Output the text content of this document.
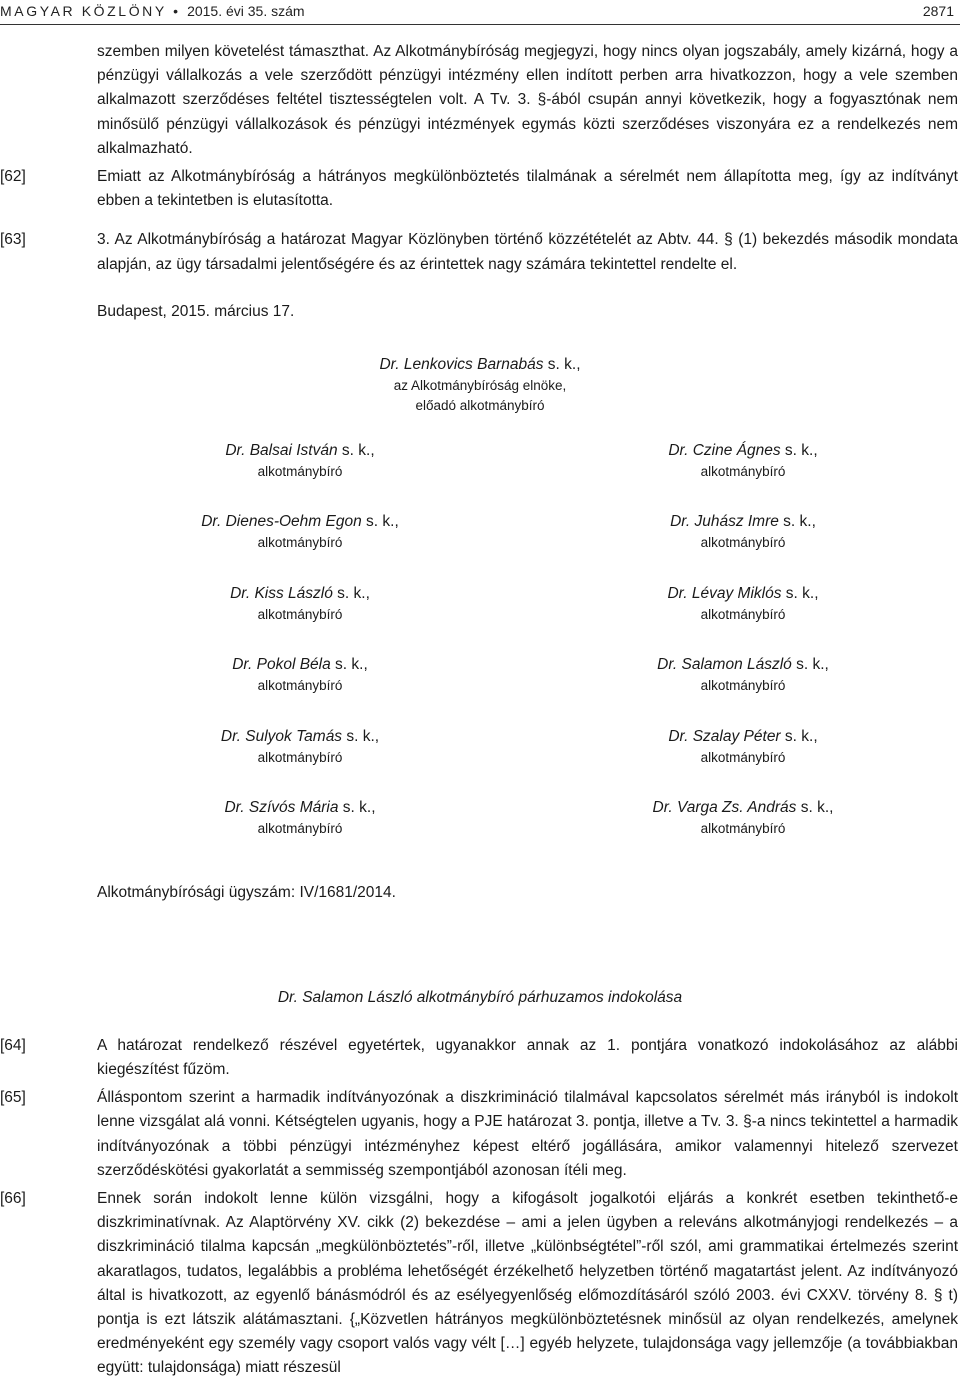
MAGYAR KÖZLÖNY • 2015. évi 35. szám	2871

szemben milyen követelést támaszthat. Az Alkotmánybíróság megjegyzi, hogy nincs olyan jogszabály, amely kizárná, hogy a pénzügyi vállalkozás a vele szerződött pénzügyi intézmény ellen indított perben arra hivatkozzon, hogy a vele szemben alkalmazott szerződéses feltétel tisztességtelen volt. A Tv. 3. §-ából csupán annyi következik, hogy a fogyasztónak nem minősülő pénzügyi vállalkozások és pénzügyi intézmények egymás közti szerződéses viszonyára ez a rendelkezés nem alkalmazható.

[62]	Emiatt az Alkotmánybíróság a hátrányos megkülönböztetés tilalmának a sérelmét nem állapította meg, így az indítványt ebben a tekintetben is elutasította.

[63]	3. Az Alkotmánybíróság a határozat Magyar Közlönyben történő közzétételét az Abtv. 44. § (1) bekezdés második mondata alapján, az ügy társadalmi jelentőségére és az érintettek nagy számára tekintettel rendelte el.

Budapest, 2015. március 17.
Dr. Lenkovics Barnabás s. k.,
az Alkotmánybíróság elnöke,
előadó alkotmánybíró
Dr. Balsai István s. k.,
alkotmánybíró
Dr. Czine Ágnes s. k.,
alkotmánybíró
Dr. Dienes-Oehm Egon s. k.,
alkotmánybíró
Dr. Juhász Imre s. k.,
alkotmánybíró
Dr. Kiss László s. k.,
alkotmánybíró
Dr. Lévay Miklós s. k.,
alkotmánybíró
Dr. Pokol Béla s. k.,
alkotmánybíró
Dr. Salamon László s. k.,
alkotmánybíró
Dr. Sulyok Tamás s. k.,
alkotmánybíró
Dr. Szalay Péter s. k.,
alkotmánybíró
Dr. Szívós Mária s. k.,
alkotmánybíró
Dr. Varga Zs. András s. k.,
alkotmánybíró
Alkotmánybírósági ügyszám: IV/1681/2014.
Dr. Salamon László alkotmánybíró párhuzamos indokolása

[64]	A határozat rendelkező részével egyetértek, ugyanakkor annak az 1. pontjára vonatkozó indokolásához az alábbi kiegészítést fűzöm.

[65]	Álláspontom szerint a harmadik indítványozónak a diszkrimináció tilalmával kapcsolatos sérelmét más irányból is indokolt lenne vizsgálat alá vonni. Kétségtelen ugyanis, hogy a PJE határozat 3. pontja, illetve a Tv. 3. §-a nincs tekintettel a harmadik indítványozónak a többi pénzügyi intézményhez képest eltérő jogállására, amikor valamennyi hitelező szervezet szerződéskötési gyakorlatát a semmisség szempontjából azonosan ítéli meg.

[66]	Ennek során indokolt lenne külön vizsgálni, hogy a kifogásolt jogalkotói eljárás a konkrét esetben tekinthető-e diszkriminatívnak. Az Alaptörvény XV. cikk (2) bekezdése – ami a jelen ügyben a releváns alkotmányjogi rendelkezés – a diszkrimináció tilalma kapcsán „megkülönböztetés”-ről, illetve „különbségtétel”-ről szól, ami grammatikai értelmezés szerint akaratlagos, tudatos, legalábbis a probléma lehetőségét érzékelhető helyzetben történő magatartást jelent. Az indítványozó által is hivatkozott, az egyenlő bánásmódról és az esélyegyenlőség előmozdításáról szóló 2003. évi CXXV. törvény 8. § t) pontja is ezt látszik alátámasztani. {„Közvetlen hátrányos megkülönböztetésnek minősül az olyan rendelkezés, amelynek eredményeként egy személy vagy csoport valós vagy vélt […] egyéb helyzete, tulajdonsága vagy jellemzője (a továbbiakban együtt: tulajdonsága) miatt részesül
